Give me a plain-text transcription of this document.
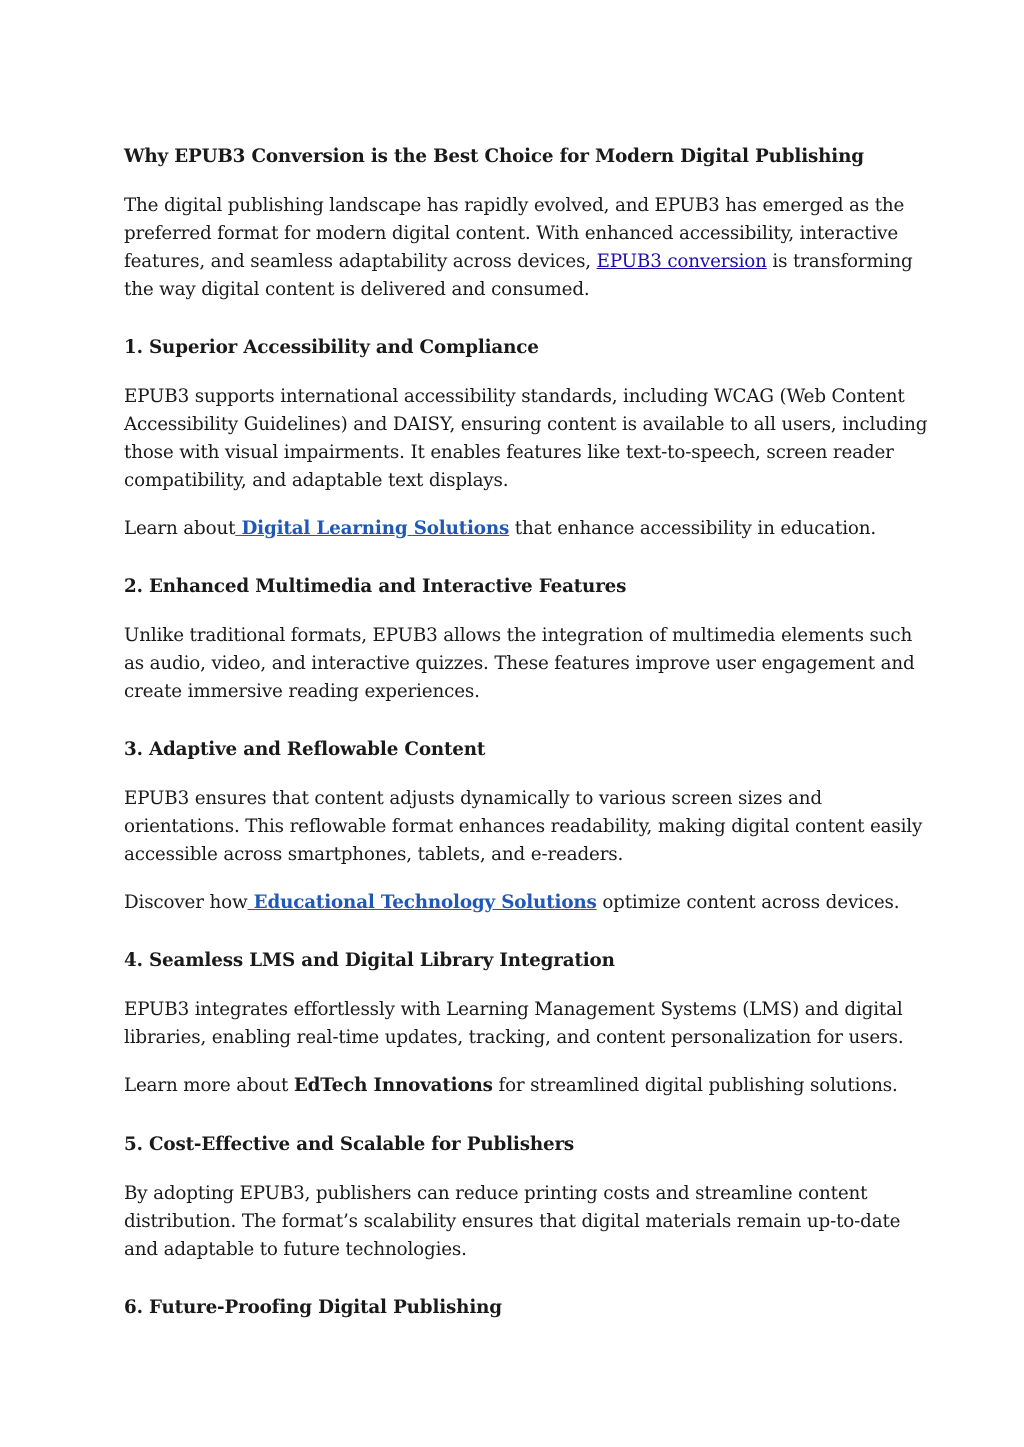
Why EPUB3 Conversion is the Best Choice for Modern Digital Publishing
The digital publishing landscape has rapidly evolved, and EPUB3 has emerged as the
preferred format for modern digital content. With enhanced accessibility, interactive
features, and seamless adaptability across devices, EPUB3 conversion is transforming
the way digital content is delivered and consumed.
1. Superior Accessibility and Compliance
EPUB3 supports international accessibility standards, including WCAG (Web Content
Accessibility Guidelines) and DAISY, ensuring content is available to all users, including
those with visual impairments. It enables features like text-to-speech, screen reader
compatibility, and adaptable text displays.
Learn about Digital Learning Solutions that enhance accessibility in education.
2. Enhanced Multimedia and Interactive Features
Unlike traditional formats, EPUB3 allows the integration of multimedia elements such
as audio, video, and interactive quizzes. These features improve user engagement and
create immersive reading experiences.
3. Adaptive and Reflowable Content
EPUB3 ensures that content adjusts dynamically to various screen sizes and
orientations. This reflowable format enhances readability, making digital content easily
accessible across smartphones, tablets, and e-readers.
Discover how Educational Technology Solutions optimize content across devices.
4. Seamless LMS and Digital Library Integration
EPUB3 integrates effortlessly with Learning Management Systems (LMS) and digital
libraries, enabling real-time updates, tracking, and content personalization for users.
Learn more about EdTech Innovations for streamlined digital publishing solutions.
5. Cost-Effective and Scalable for Publishers
By adopting EPUB3, publishers can reduce printing costs and streamline content
distribution. The format’s scalability ensures that digital materials remain up-to-date
and adaptable to future technologies.
6. Future-Proofing Digital Publishing
